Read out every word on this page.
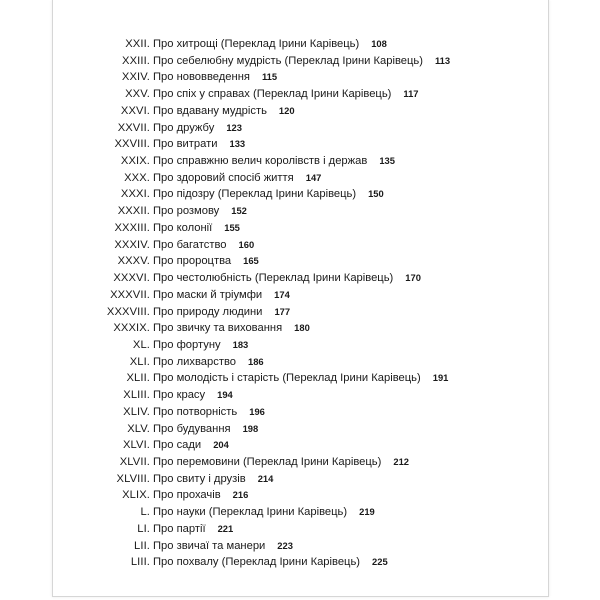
XXII. Про хитрощі (Переклад Ірини Карівець) 108
XXIII. Про себелюбну мудрість (Переклад Ірини Карівець) 113
XXIV. Про нововведення 115
XXV. Про спіх у справах (Переклад Ірини Карівець) 117
XXVI. Про вдавану мудрість 120
XXVII. Про дружбу 123
XXVIII. Про витрати 133
XXIX. Про справжню велич королівств і держав 135
XXX. Про здоровий спосіб життя 147
XXXI. Про підозру (Переклад Ірини Карівець) 150
XXXII. Про розмову 152
XXXIII. Про колонії 155
XXXIV. Про багатство 160
XXXV. Про пророцтва 165
XXXVI. Про честолюбність (Переклад Ірини Карівець) 170
XXXVII. Про маски й тріумфи 174
XXXVIII. Про природу людини 177
XXXIX. Про звичку та виховання 180
XL. Про фортуну 183
XLI. Про лихварство 186
XLII. Про молодість і старість (Переклад Ірини Карівець) 191
XLIII. Про красу 194
XLIV. Про потворність 196
XLV. Про будування 198
XLVI. Про сади 204
XLVII. Про перемовини (Переклад Ірини Карівець) 212
XLVIII. Про свиту і друзів 214
XLIX. Про прохачів 216
L. Про науки (Переклад Ірини Карівець) 219
LI. Про партії 221
LII. Про звичаї та манери 223
LIII. Про похвалу (Переклад Ірини Карівець) 225
